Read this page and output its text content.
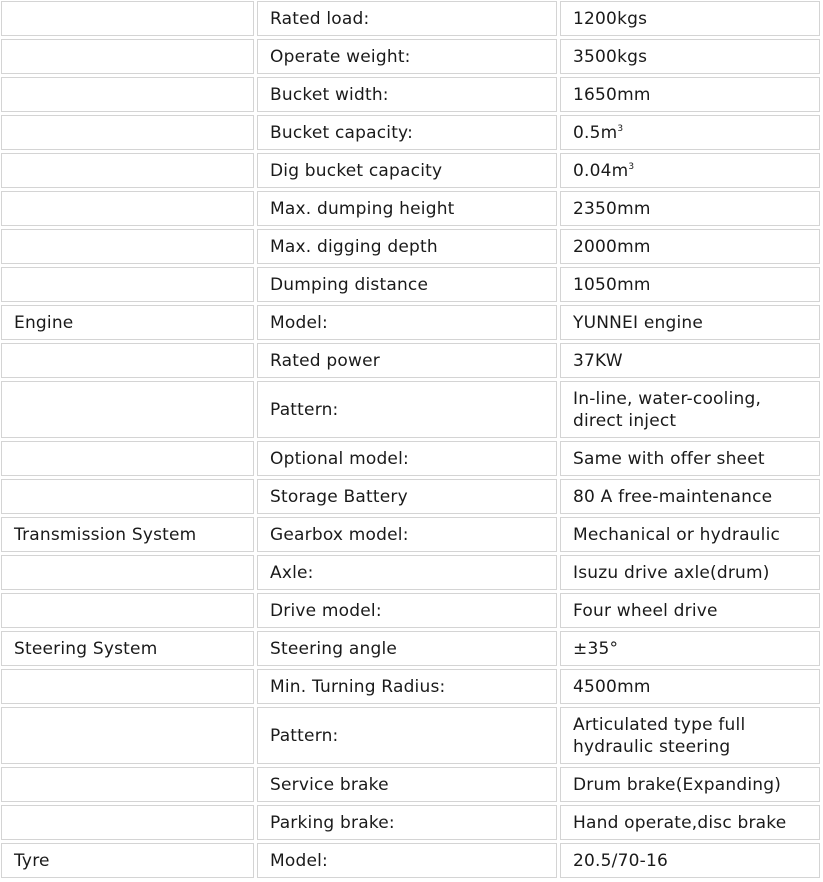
	Rated load:	1200kgs
	Operate weight:	3500kgs
	Bucket width:	1650mm
	Bucket capacity:	$0.5m^3$
	Dig bucket capacity	$0.04m^3$
	Max. dumping height	2350mm
	Max. digging depth	2000mm
	Dumping distance	1050mm
Engine	Model:	YUNNEI engine
	Rated power	37KW
	Pattern:	In-line, water-cooling, direct inject
	Optional model:	Same with offer sheet
	Storage Battery	80 A free-maintenance
Transmission System	Gearbox model:	Mechanical or hydraulic
	Axle:	Isuzu drive axle(drum)
	Drive model:	Four wheel drive
Steering System	Steering angle	±35°
	Min. Turning Radius:	4500mm
	Pattern:	Articulated type full hydraulic steering
	Service brake	Drum brake(Expanding)
	Parking brake:	Hand operate,disc brake
Tyre	Model:	20.5/70-16
